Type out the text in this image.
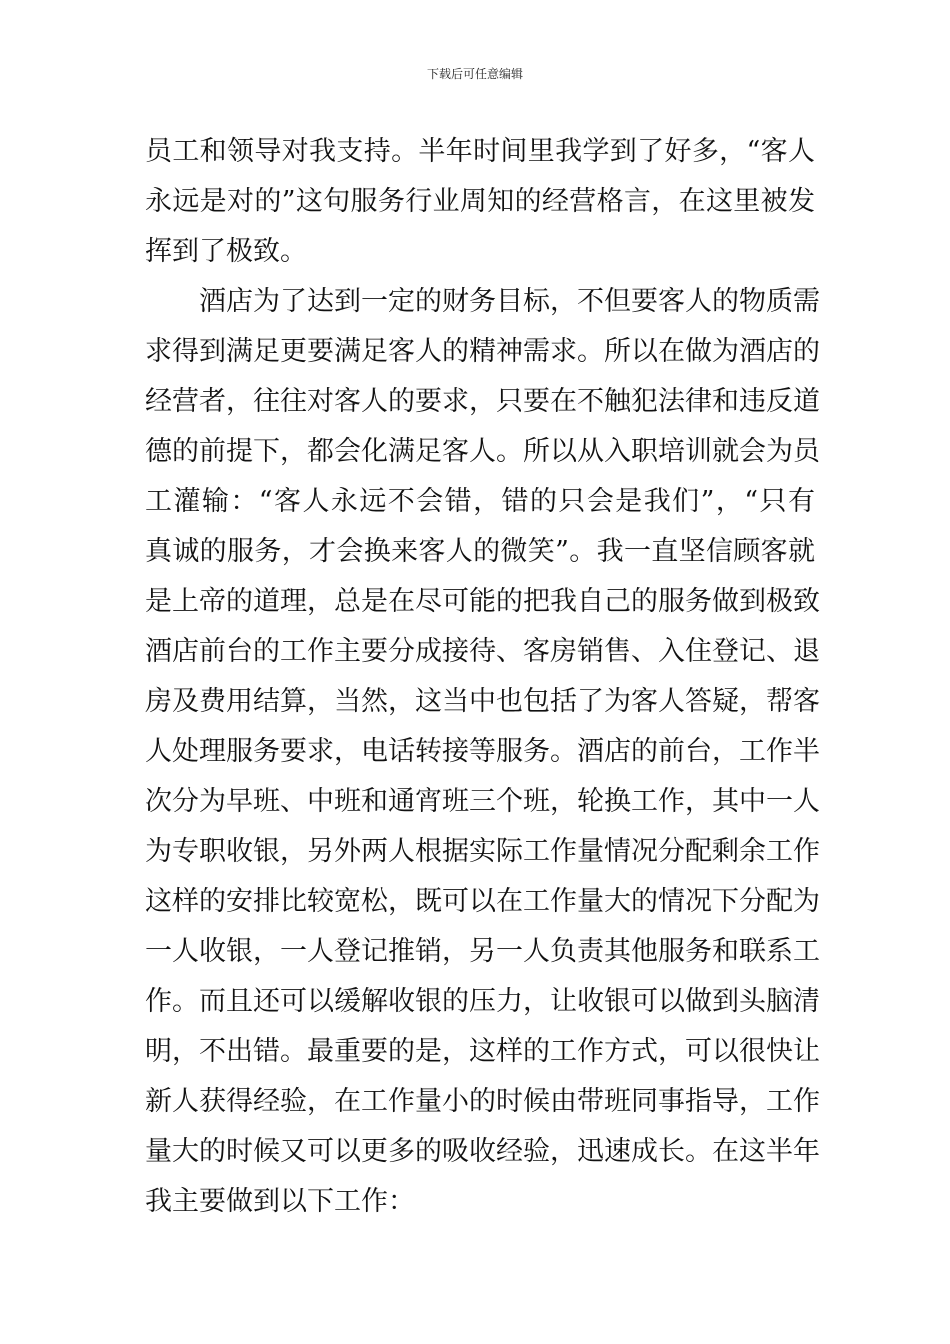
下载后可任意编辑
员工和领导对我支持。半年时间里我学到了好多，“客人
永远是对的”这句服务行业周知的经营格言，在这里被发
挥到了极致。
酒店为了达到一定的财务目标，不但要客人的物质需
求得到满足更要满足客人的精神需求。所以在做为酒店的
经营者，往往对客人的要求，只要在不触犯法律和违反道
德的前提下，都会化满足客人。所以从入职培训就会为员
工灌输：“客人永远不会错，错的只会是我们”，“只有
真诚的服务，才会换来客人的微笑”。我一直坚信顾客就
是上帝的道理，总是在尽可能的把我自己的服务做到极致
酒店前台的工作主要分成接待、客房销售、入住登记、退
房及费用结算，当然，这当中也包括了为客人答疑，帮客
人处理服务要求，电话转接等服务。酒店的前台，工作半
次分为早班、中班和通宵班三个班，轮换工作，其中一人
为专职收银，另外两人根据实际工作量情况分配剩余工作
这样的安排比较宽松，既可以在工作量大的情况下分配为
一人收银，一人登记推销，另一人负责其他服务和联系工
作。而且还可以缓解收银的压力，让收银可以做到头脑清
明，不出错。最重要的是，这样的工作方式，可以很快让
新人获得经验，在工作量小的时候由带班同事指导，工作
量大的时候又可以更多的吸收经验，迅速成长。在这半年
我主要做到以下工作：
